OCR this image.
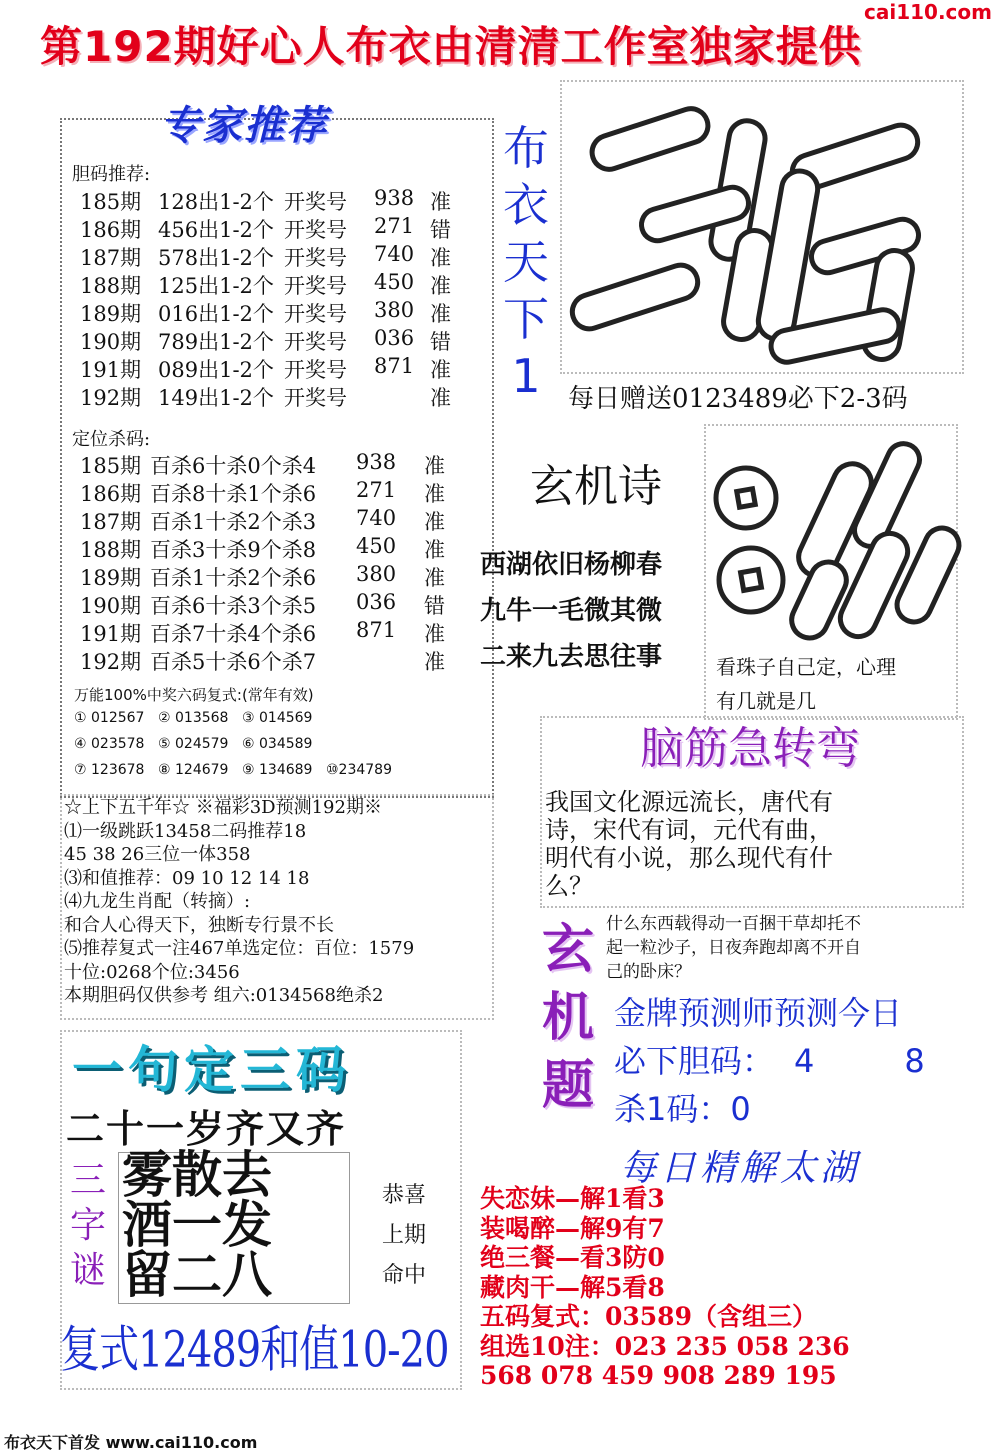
cai110.com
第192期好心人布衣由清清工作室独家提供
专家推荐
胆码推荐:
185期 128出1-2个 开奖号	938 准
186期 456出1-2个 开奖号	271 错
187期 578出1-2个 开奖号	740 准
188期 125出1-2个 开奖号	450 准
189期 016出1-2个 开奖号	380 准
190期 789出1-2个 开奖号	036 错
191期 089出1-2个 开奖号	871 准
192期 149出1-2个 开奖号	准
定位杀码:
185期 百杀6十杀0个杀4	938	准
186期 百杀8十杀1个杀6	271	准
187期 百杀1十杀2个杀3	740	准
188期 百杀3十杀9个杀8	450	准
189期 百杀1十杀2个杀6	380	准
190期 百杀6十杀3个杀5	036	错
191期 百杀7十杀4个杀6	871	准
192期 百杀5十杀6个杀7	准
万能100%中奖六码复式:(常年有效)
① 012567 ② 013568 ③ 014569
④ 023578 ⑤ 024579 ⑥ 034589
⑦ 123678 ⑧ 124679 ⑨ 134689 ⑩234789
布
衣
天
下
1	每日赠送0123489必下2-3码
玄机诗
西湖依旧杨柳春
九牛一毛微其微
二来九去思往事	看珠子自己定，心理
有几就是几
脑筋急转弯
我国文化源远流长，唐代有
诗，宋代有词，元代有曲，
明代有小说，那么现代有什
么？
☆上下五千年☆ ※福彩3D预测192期※
⑴一级跳跃13458二码推荐18
45 38 26三位一体358
⑶和值推荐：09 10 12 14 18
⑷九龙生肖配（转摘）:
和合人心得天下，独断专行景不长
⑸推荐复式一注467单选定位：百位：1579
十位:0268个位:3456
本期胆码仅供参考 组六:0134568绝杀2
玄
机
题
什么东西载得动一百捆干草却托不
起一粒沙子，日夜奔跑却离不开自
己的卧床？
金牌预测师预测今日
必下胆码： 4	8
杀1码：0
一句定三码
二十一岁齐又齐
三
字
谜
雾散去
酒一发
留二八
恭喜
上期
命中
复式12489和值10-20
每日精解太湖
失恋妹—解1看3
装喝醉—解9有7
绝三餐—看3防0
藏肉干—解5看8
五码复式：03589（含组三）
组选10注：023 235 058 236
568 078 459 908 289 195
布衣天下首发 www.cai110.com
